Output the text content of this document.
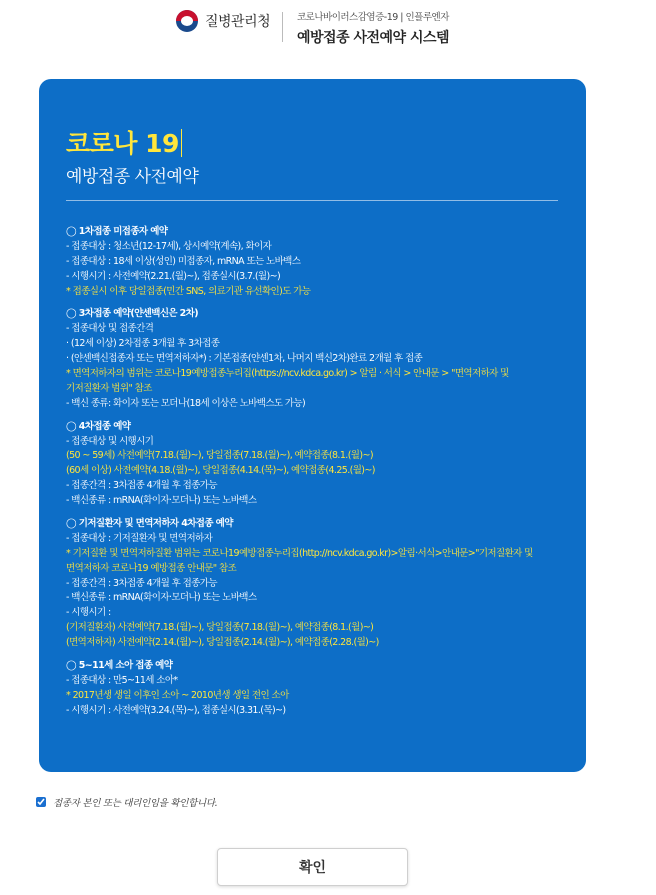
질병관리청	코로나바이러스감염증-19 | 인플루엔자
예방접종 사전예약 시스템
코로나 19
예방접종 사전예약
◯ 1차접종 미접종자 예약
- 접종대상 : 청소년(12-17세), 상시예약(계속), 화이자
- 접종대상 : 18세 이상(성인) 미접종자, mRNA 또는 노바백스
- 시행시기 : 사전예약(2.21.(월)~), 접종실시(3.7.(월)~)
* 접종실시 이후 당일접종(민간 SNS, 의료기관 유선확인)도 가능
◯ 3차접종 예약(얀센백신은 2차)
- 접종대상 및 접종간격
· (12세 이상) 2차접종 3개월 후 3차접종
· (얀센백신접종자 또는 면역저하자*) : 기본접종(얀센1차, 나머지 백신2차)완료 2개월 후 접종
* 면역저하자의 범위는 코로나19예방접종누리집(https://ncv.kdca.go.kr) > 알림 · 서식 > 안내문 > "면역저하자 및
기저질환자 범위" 참조
- 백신 종류: 화이자 또는 모더나(18세 이상은 노바백스도 가능)
◯ 4차접종 예약
- 접종대상 및 시행시기
(50 ~ 59세) 사전예약(7.18.(월)~), 당일접종(7.18.(월)~), 예약접종(8.1.(월)~)
(60세 이상) 사전예약(4.18.(월)~), 당일접종(4.14.(목)~), 예약접종(4.25.(월)~)
- 접종간격 : 3차접종 4개월 후 접종가능
- 백신종류 : mRNA(화이자·모더나) 또는 노바백스
◯ 기저질환자 및 면역저하자 4차접종 예약
- 접종대상 : 기저질환자 및 면역저하자
* 기저질환 및 면역저하질환 범위는 코로나19예방접종누리집(http://ncv.kdca.go.kr)>알림·서식>안내문>"기저질환자 및
면역저하자 코로나19 예방접종 안내문" 참조
- 접종간격 : 3차접종 4개월 후 접종가능
- 백신종류 : mRNA(화이자·모더나) 또는 노바백스
- 시행시기 :
(기저질환자) 사전예약(7.18.(월)~), 당일접종(7.18.(월)~), 예약접종(8.1.(월)~)
(면역저하자) 사전예약(2.14.(월)~), 당일접종(2.14.(월)~), 예약접종(2.28.(월)~)
◯ 5~11세 소아 접종 예약
- 접종대상 : 만5~11세 소아*
* 2017년생 생일 이후인 소아 ~ 2010년생 생일 전인 소아
- 시행시기 : 사전예약(3.24.(목)~), 접종실시(3.31.(목)~)
접종자 본인 또는 대리인임을 확인합니다.
확인
